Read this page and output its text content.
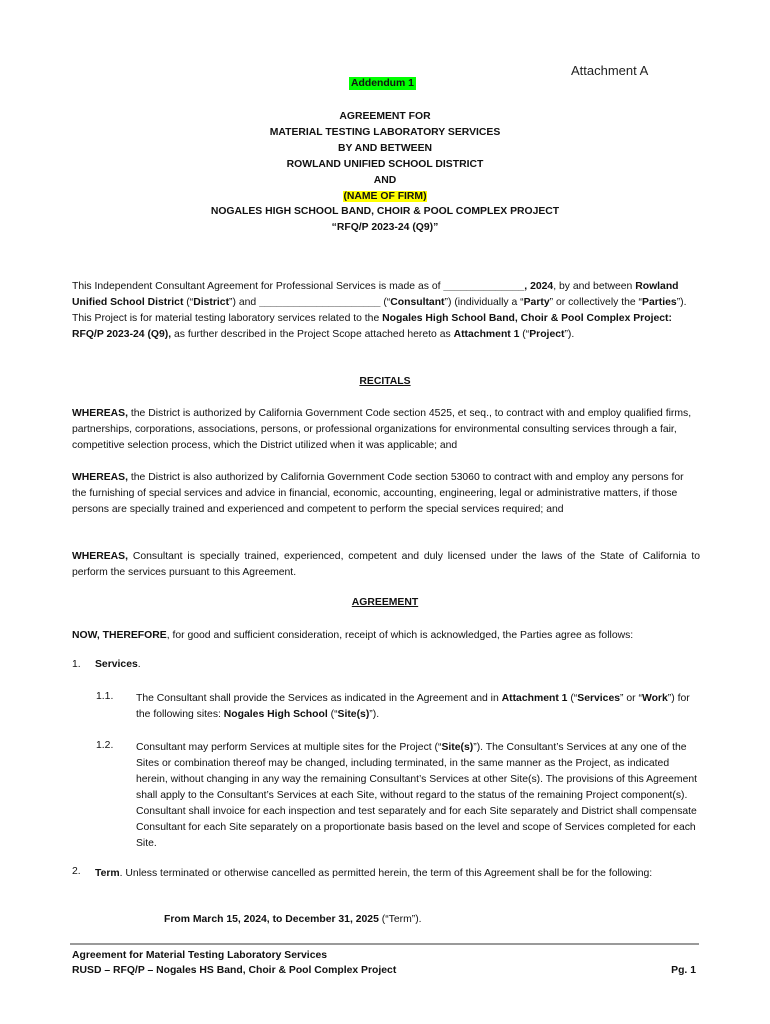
Attachment A
Addendum 1
AGREEMENT FOR
MATERIAL TESTING LABORATORY SERVICES
BY AND BETWEEN
ROWLAND UNIFIED SCHOOL DISTRICT
AND
(NAME OF FIRM)
NOGALES HIGH SCHOOL BAND, CHOIR & POOL COMPLEX PROJECT
“RFQ/P 2023-24 (Q9)”
This Independent Consultant Agreement for Professional Services is made as of ______________, 2024, by and between Rowland Unified School District (“District”) and _____________________ (“Consultant”) (individually a “Party” or collectively the “Parties”). This Project is for material testing laboratory services related to the Nogales High School Band, Choir & Pool Complex Project: RFQ/P 2023-24 (Q9), as further described in the Project Scope attached hereto as Attachment 1 (“Project”).
RECITALS
WHEREAS, the District is authorized by California Government Code section 4525, et seq., to contract with and employ qualified firms, partnerships, corporations, associations, persons, or professional organizations for environmental consulting services through a fair, competitive selection process, which the District utilized when it was applicable; and
WHEREAS, the District is also authorized by California Government Code section 53060 to contract with and employ any persons for the furnishing of special services and advice in financial, economic, accounting, engineering, legal or administrative matters, if those persons are specially trained and experienced and competent to perform the special services required; and
WHEREAS, Consultant is specially trained, experienced, competent and duly licensed under the laws of the State of California to perform the services pursuant to this Agreement.
AGREEMENT
NOW, THEREFORE, for good and sufficient consideration, receipt of which is acknowledged, the Parties agree as follows:
1. Services.
1.1. The Consultant shall provide the Services as indicated in the Agreement and in Attachment 1 (“Services” or “Work”) for the following sites: Nogales High School (“Site(s)”).
1.2. Consultant may perform Services at multiple sites for the Project (“Site(s)”). The Consultant’s Services at any one of the Sites or combination thereof may be changed, including terminated, in the same manner as the Project, as indicated herein, without changing in any way the remaining Consultant’s Services at other Site(s). The provisions of this Agreement shall apply to the Consultant’s Services at each Site, without regard to the status of the remaining Project component(s). Consultant shall invoice for each inspection and test separately and for each Site separately and District shall compensate Consultant for each Site separately on a proportionate basis based on the level and scope of Services completed for each Site.
2. Term. Unless terminated or otherwise cancelled as permitted herein, the term of this Agreement shall be for the following:
From March 15, 2024, to December 31, 2025 (“Term”).
Agreement for Material Testing Laboratory Services
RUSD – RFQ/P – Nogales HS Band, Choir & Pool Complex Project	Pg. 1
